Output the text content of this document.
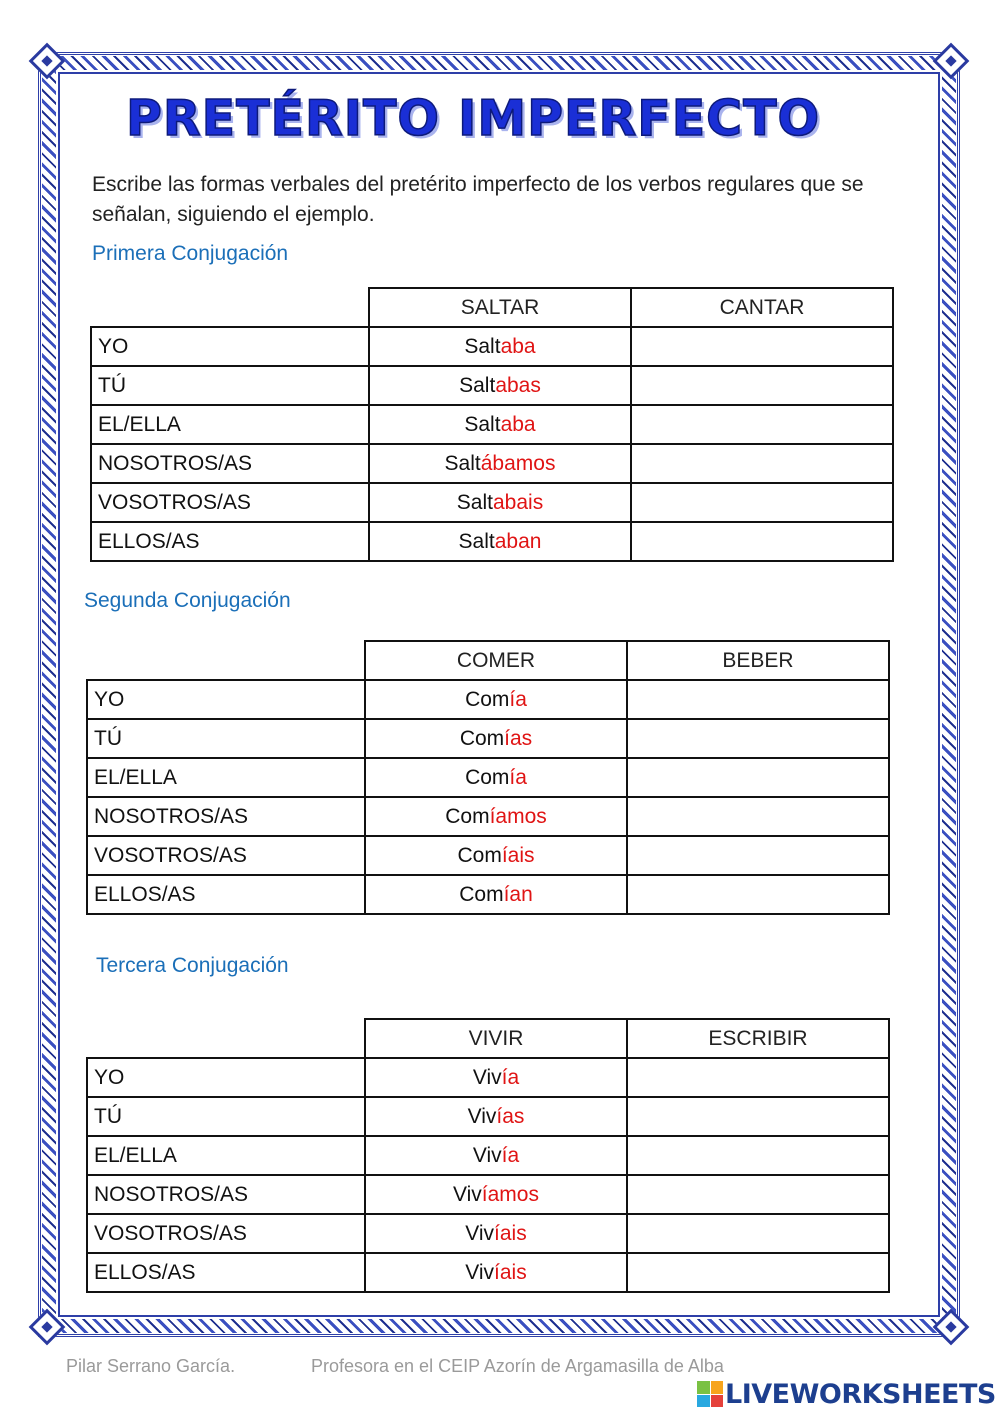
PRETÉRITO IMPERFECTO
Escribe las formas verbales del pretérito imperfecto de los verbos regulares que se señalan, siguiendo el ejemplo.
Primera Conjugación
	SALTAR	CANTAR
YO	Saltaba	
TÚ	Saltabas	
EL/ELLA	Saltaba	
NOSOTROS/AS	Saltábamos	
VOSOTROS/AS	Saltabais	
ELLOS/AS	Saltaban	
Segunda Conjugación
	COMER	BEBER
YO	Comía	
TÚ	Comías	
EL/ELLA	Comía	
NOSOTROS/AS	Comíamos	
VOSOTROS/AS	Comíais	
ELLOS/AS	Comían	
Tercera Conjugación
	VIVIR	ESCRIBIR
YO	Vivía	
TÚ	Vivías	
EL/ELLA	Vivía	
NOSOTROS/AS	Vivíamos	
VOSOTROS/AS	Vivíais	
ELLOS/AS	Vivíais	
Pilar Serrano García.	Profesora en el CEIP Azorín de Argamasilla de Alba
LIVEWORKSHEETS
